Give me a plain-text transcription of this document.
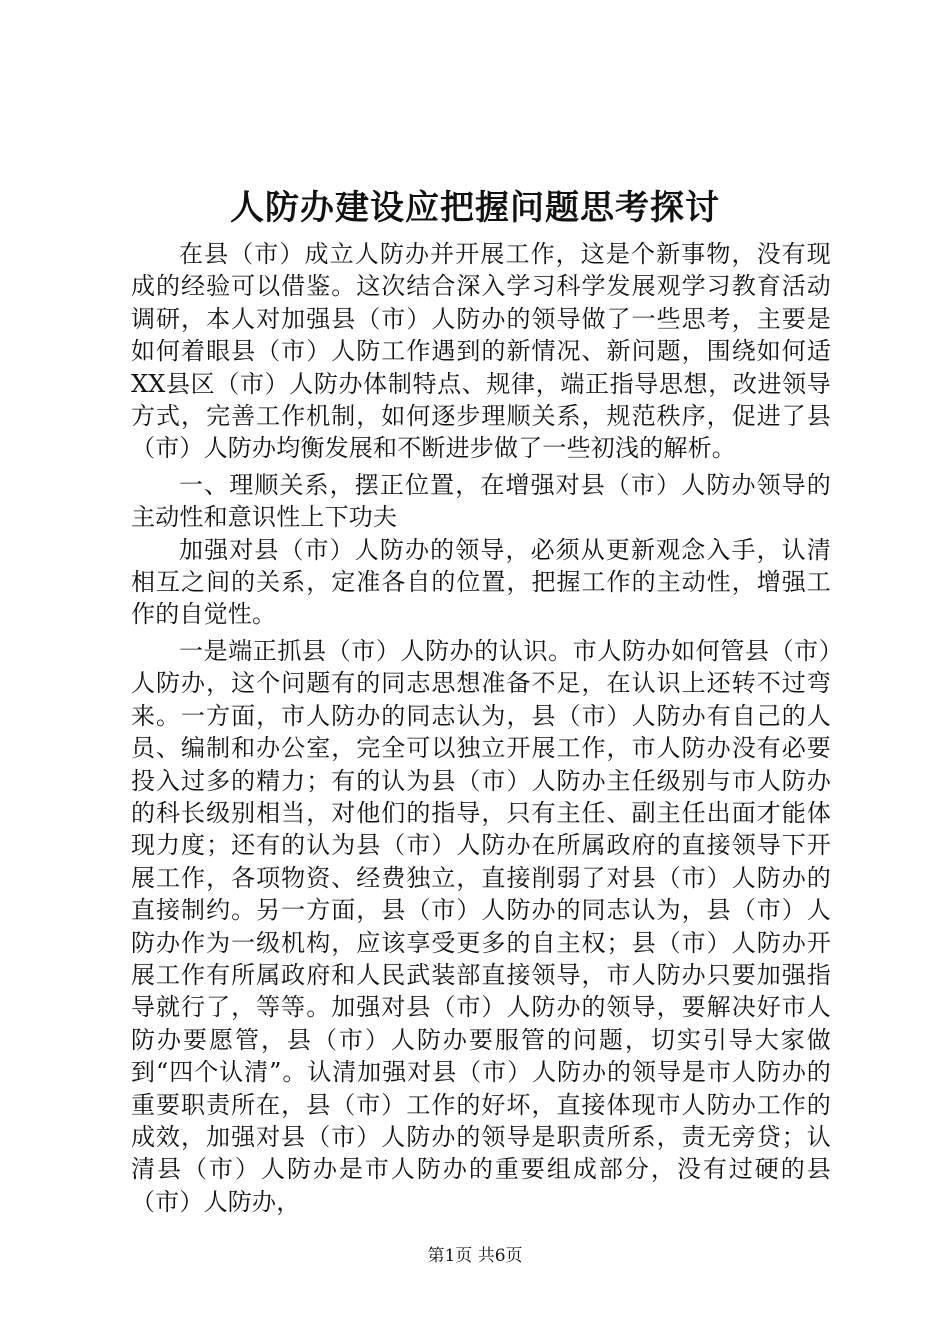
人防办建设应把握问题思考探讨

在县（市）成立人防办并开展工作，这是个新事物，没有现成的经验可以借鉴。这次结合深入学习科学发展观学习教育活动调研，本人对加强县（市）人防办的领导做了一些思考，主要是如何着眼县（市）人防工作遇到的新情况、新问题，围绕如何适XX县区（市）人防办体制特点、规律，端正指导思想，改进领导方式，完善工作机制，如何逐步理顺关系，规范秩序，促进了县（市）人防办均衡发展和不断进步做了一些初浅的解析。

一、理顺关系，摆正位置，在增强对县（市）人防办领导的主动性和意识性上下功夫

加强对县（市）人防办的领导，必须从更新观念入手，认清相互之间的关系，定准各自的位置，把握工作的主动性，增强工作的自觉性。

一是端正抓县（市）人防办的认识。市人防办如何管县（市）人防办，这个问题有的同志思想准备不足，在认识上还转不过弯来。一方面，市人防办的同志认为，县（市）人防办有自己的人员、编制和办公室，完全可以独立开展工作，市人防办没有必要投入过多的精力；有的认为县（市）人防办主任级别与市人防办的科长级别相当，对他们的指导，只有主任、副主任出面才能体现力度；还有的认为县（市）人防办在所属政府的直接领导下开展工作，各项物资、经费独立，直接削弱了对县（市）人防办的直接制约。另一方面，县（市）人防办的同志认为，县（市）人防办作为一级机构，应该享受更多的自主权；县（市）人防办开展工作有所属政府和人民武装部直接领导，市人防办只要加强指导就行了，等等。加强对县（市）人防办的领导，要解决好市人防办要愿管，县（市）人防办要服管的问题，切实引导大家做到“四个认清”。认清加强对县（市）人防办的领导是市人防办的重要职责所在，县（市）工作的好坏，直接体现市人防办工作的成效，加强对县（市）人防办的领导是职责所系，责无旁贷；认清县（市）人防办是市人防办的重要组成部分，没有过硬的县（市）人防办，

第1页 共6页
